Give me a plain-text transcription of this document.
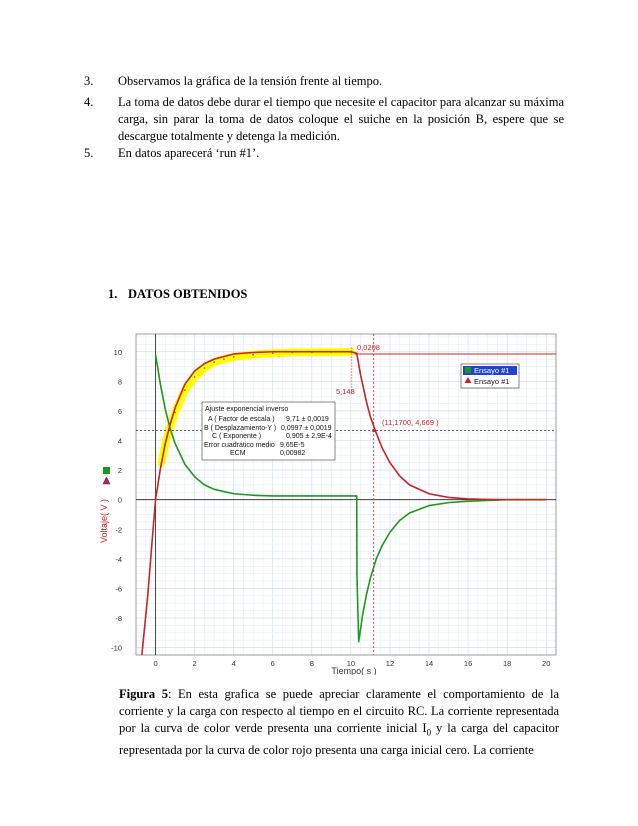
3. Observamos la gráfica de la tensión frente al tiempo.
4. La toma de datos debe durar el tiempo que necesite el capacitor para alcanzar su máxima carga, sin parar la toma de datos coloque el suiche en la posición B, espere que se descargue totalmente y detenga la medición.
5. En datos aparecerá ‘run #1’.
1. DATOS OBTENIDOS
0	2	4	6	8	10	12	14	16	18	20
-10
-8
-6
-4
-2
0
2
4
6
8
10
Voltaje( V )
Tiempo( s )
Ensayo #1
Ensayo #1
0,0208
5,148
(11,1700, 4,669 )
Ajuste exponencial inverso
A ( Factor de escala ) 9,71 ± 0,0019
B ( Desplazamiento-Y ) 0,0997 ± 0,0019
C ( Exponente )	0,905 ± 2,9E-4
Error cuadrático medio 9,65E-5
ECM	0,00982
Figura 5: En esta grafica se puede apreciar claramente el comportamiento de la corriente y la carga con respecto al tiempo en el circuito RC. La corriente representada por la curva de color verde presenta una corriente inicial $I_0$ y la carga del capacitor representada por la curva de color rojo presenta una carga inicial cero. La corriente
